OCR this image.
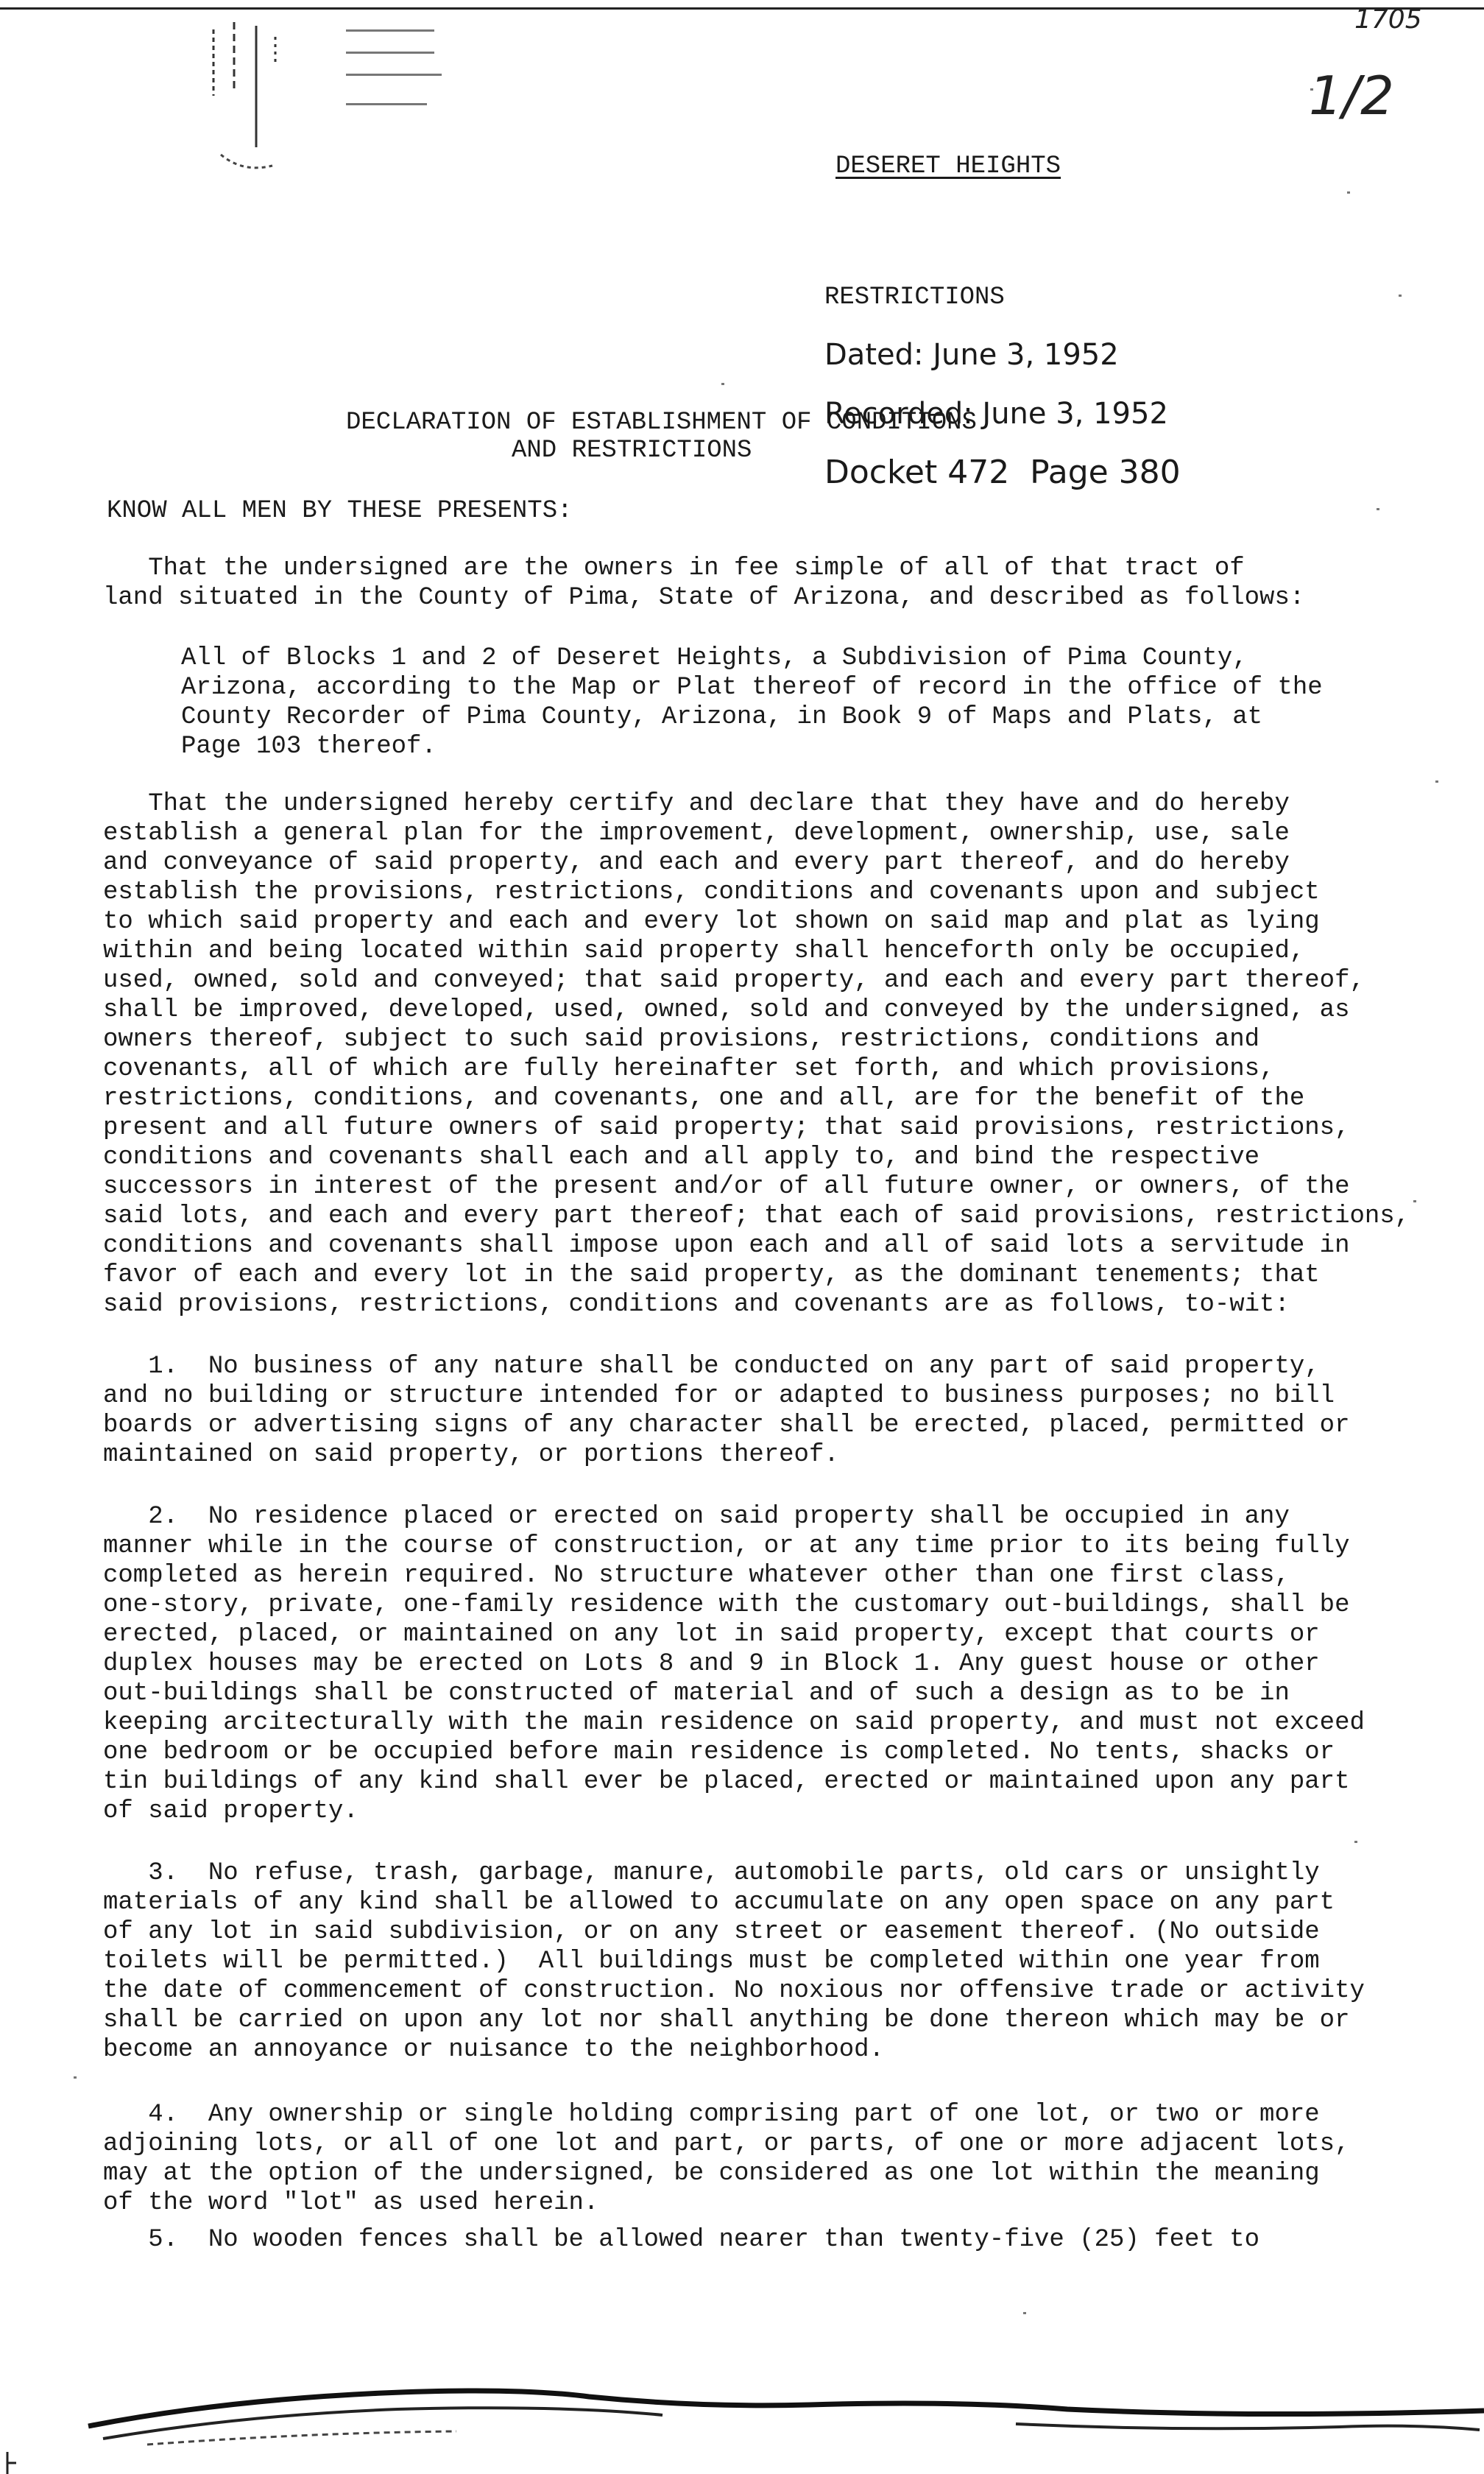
1705
1/2
DESERET HEIGHTS

RESTRICTIONS

Dated: June 3, 1952

Recorded: June 3, 1952

Docket 472  Page 380

DECLARATION OF ESTABLISHMENT OF CONDITIONS
AND RESTRICTIONS
KNOW ALL MEN BY THESE PRESENTS:
That the undersigned are the owners in fee simple of all of that tract of
land situated in the County of Pima, State of Arizona, and described as follows:
All of Blocks 1 and 2 of Deseret Heights, a Subdivision of Pima County,
Arizona, according to the Map or Plat thereof of record in the office of the
County Recorder of Pima County, Arizona, in Book 9 of Maps and Plats, at
Page 103 thereof.
That the undersigned hereby certify and declare that they have and do hereby
establish a general plan for the improvement, development, ownership, use, sale
and conveyance of said property, and each and every part thereof, and do hereby
establish the provisions, restrictions, conditions and covenants upon and subject
to which said property and each and every lot shown on said map and plat as lying
within and being located within said property shall henceforth only be occupied,
used, owned, sold and conveyed; that said property, and each and every part thereof,
shall be improved, developed, used, owned, sold and conveyed by the undersigned, as
owners thereof, subject to such said provisions, restrictions, conditions and
covenants, all of which are fully hereinafter set forth, and which provisions,
restrictions, conditions, and covenants, one and all, are for the benefit of the
present and all future owners of said property; that said provisions, restrictions,
conditions and covenants shall each and all apply to, and bind the respective
successors in interest of the present and/or of all future owner, or owners, of the
said lots, and each and every part thereof; that each of said provisions, restrictions,
conditions and covenants shall impose upon each and all of said lots a servitude in
favor of each and every lot in the said property, as the dominant tenements; that
said provisions, restrictions, conditions and covenants are as follows, to-wit:
1.  No business of any nature shall be conducted on any part of said property,
and no building or structure intended for or adapted to business purposes; no bill
boards or advertising signs of any character shall be erected, placed, permitted or
maintained on said property, or portions thereof.
2.  No residence placed or erected on said property shall be occupied in any
manner while in the course of construction, or at any time prior to its being fully
completed as herein required. No structure whatever other than one first class,
one-story, private, one-family residence with the customary out-buildings, shall be
erected, placed, or maintained on any lot in said property, except that courts or
duplex houses may be erected on Lots 8 and 9 in Block 1. Any guest house or other
out-buildings shall be constructed of material and of such a design as to be in
keeping arcitecturally with the main residence on said property, and must not exceed
one bedroom or be occupied before main residence is completed. No tents, shacks or
tin buildings of any kind shall ever be placed, erected or maintained upon any part
of said property.
3.  No refuse, trash, garbage, manure, automobile parts, old cars or unsightly
materials of any kind shall be allowed to accumulate on any open space on any part
of any lot in said subdivision, or on any street or easement thereof. (No outside
toilets will be permitted.)  All buildings must be completed within one year from
the date of commencement of construction. No noxious nor offensive trade or activity
shall be carried on upon any lot nor shall anything be done thereon which may be or
become an annoyance or nuisance to the neighborhood.
4.  Any ownership or single holding comprising part of one lot, or two or more
adjoining lots, or all of one lot and part, or parts, of one or more adjacent lots,
may at the option of the undersigned, be considered as one lot within the meaning
of the word "lot" as used herein.
5.  No wooden fences shall be allowed nearer than twenty-five (25) feet to
